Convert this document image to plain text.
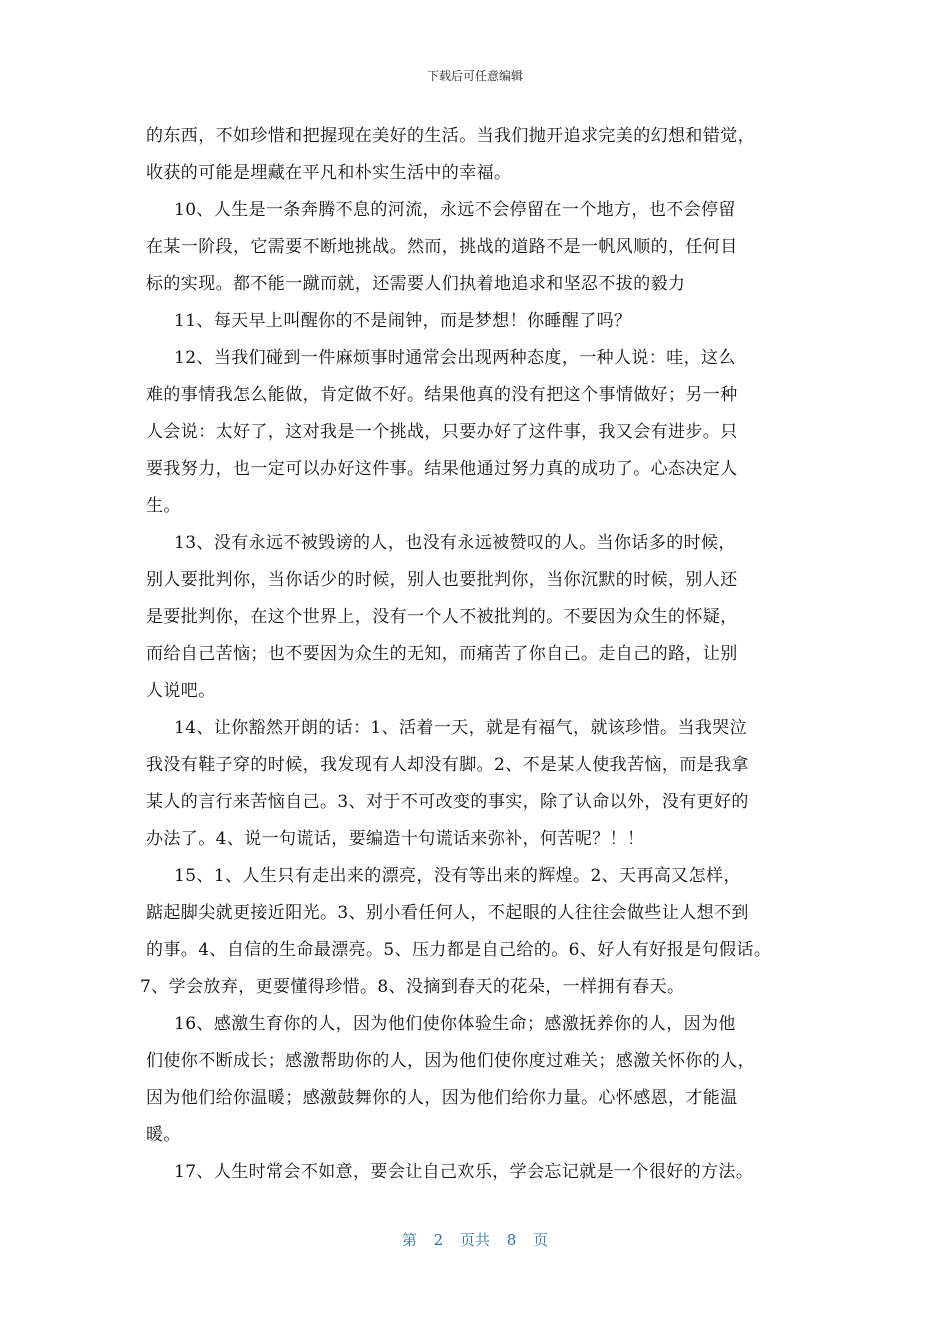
下载后可任意编辑
的东西，不如珍惜和把握现在美好的生活。当我们抛开追求完美的幻想和错觉，
收获的可能是埋藏在平凡和朴实生活中的幸福。
10、人生是一条奔腾不息的河流，永远不会停留在一个地方，也不会停留
在某一阶段，它需要不断地挑战。然而，挑战的道路不是一帆风顺的，任何目
标的实现。都不能一蹴而就，还需要人们执着地追求和坚忍不拔的毅力
11、每天早上叫醒你的不是闹钟，而是梦想！你睡醒了吗？
12、当我们碰到一件麻烦事时通常会出现两种态度，一种人说：哇，这么
难的事情我怎么能做，肯定做不好。结果他真的没有把这个事情做好；另一种
人会说：太好了，这对我是一个挑战，只要办好了这件事，我又会有进步。只
要我努力，也一定可以办好这件事。结果他通过努力真的成功了。心态决定人
生。
13、没有永远不被毁谤的人，也没有永远被赞叹的人。当你话多的时候，
别人要批判你，当你话少的时候，别人也要批判你，当你沉默的时候，别人还
是要批判你，在这个世界上，没有一个人不被批判的。不要因为众生的怀疑，
而给自己苦恼；也不要因为众生的无知，而痛苦了你自己。走自己的路，让别
人说吧。
14、让你豁然开朗的话：1、活着一天，就是有福气，就该珍惜。当我哭泣
我没有鞋子穿的时候，我发现有人却没有脚。2、不是某人使我苦恼，而是我拿
某人的言行来苦恼自己。3、对于不可改变的事实，除了认命以外，没有更好的
办法了。4、说一句谎话，要编造十句谎话来弥补，何苦呢？！！
15、1、人生只有走出来的漂亮，没有等出来的辉煌。2、天再高又怎样，
踮起脚尖就更接近阳光。3、别小看任何人，不起眼的人往往会做些让人想不到
的事。4、自信的生命最漂亮。5、压力都是自己给的。6、好人有好报是句假话。
7、学会放弃，更要懂得珍惜。8、没摘到春天的花朵，一样拥有春天。
16、感激生育你的人，因为他们使你体验生命；感激抚养你的人，因为他
们使你不断成长；感激帮助你的人，因为他们使你度过难关；感激关怀你的人，
因为他们给你温暖；感激鼓舞你的人，因为他们给你力量。心怀感恩，才能温
暖。
17、人生时常会不如意，要会让自己欢乐，学会忘记就是一个很好的方法。
第 2 页共 8 页
